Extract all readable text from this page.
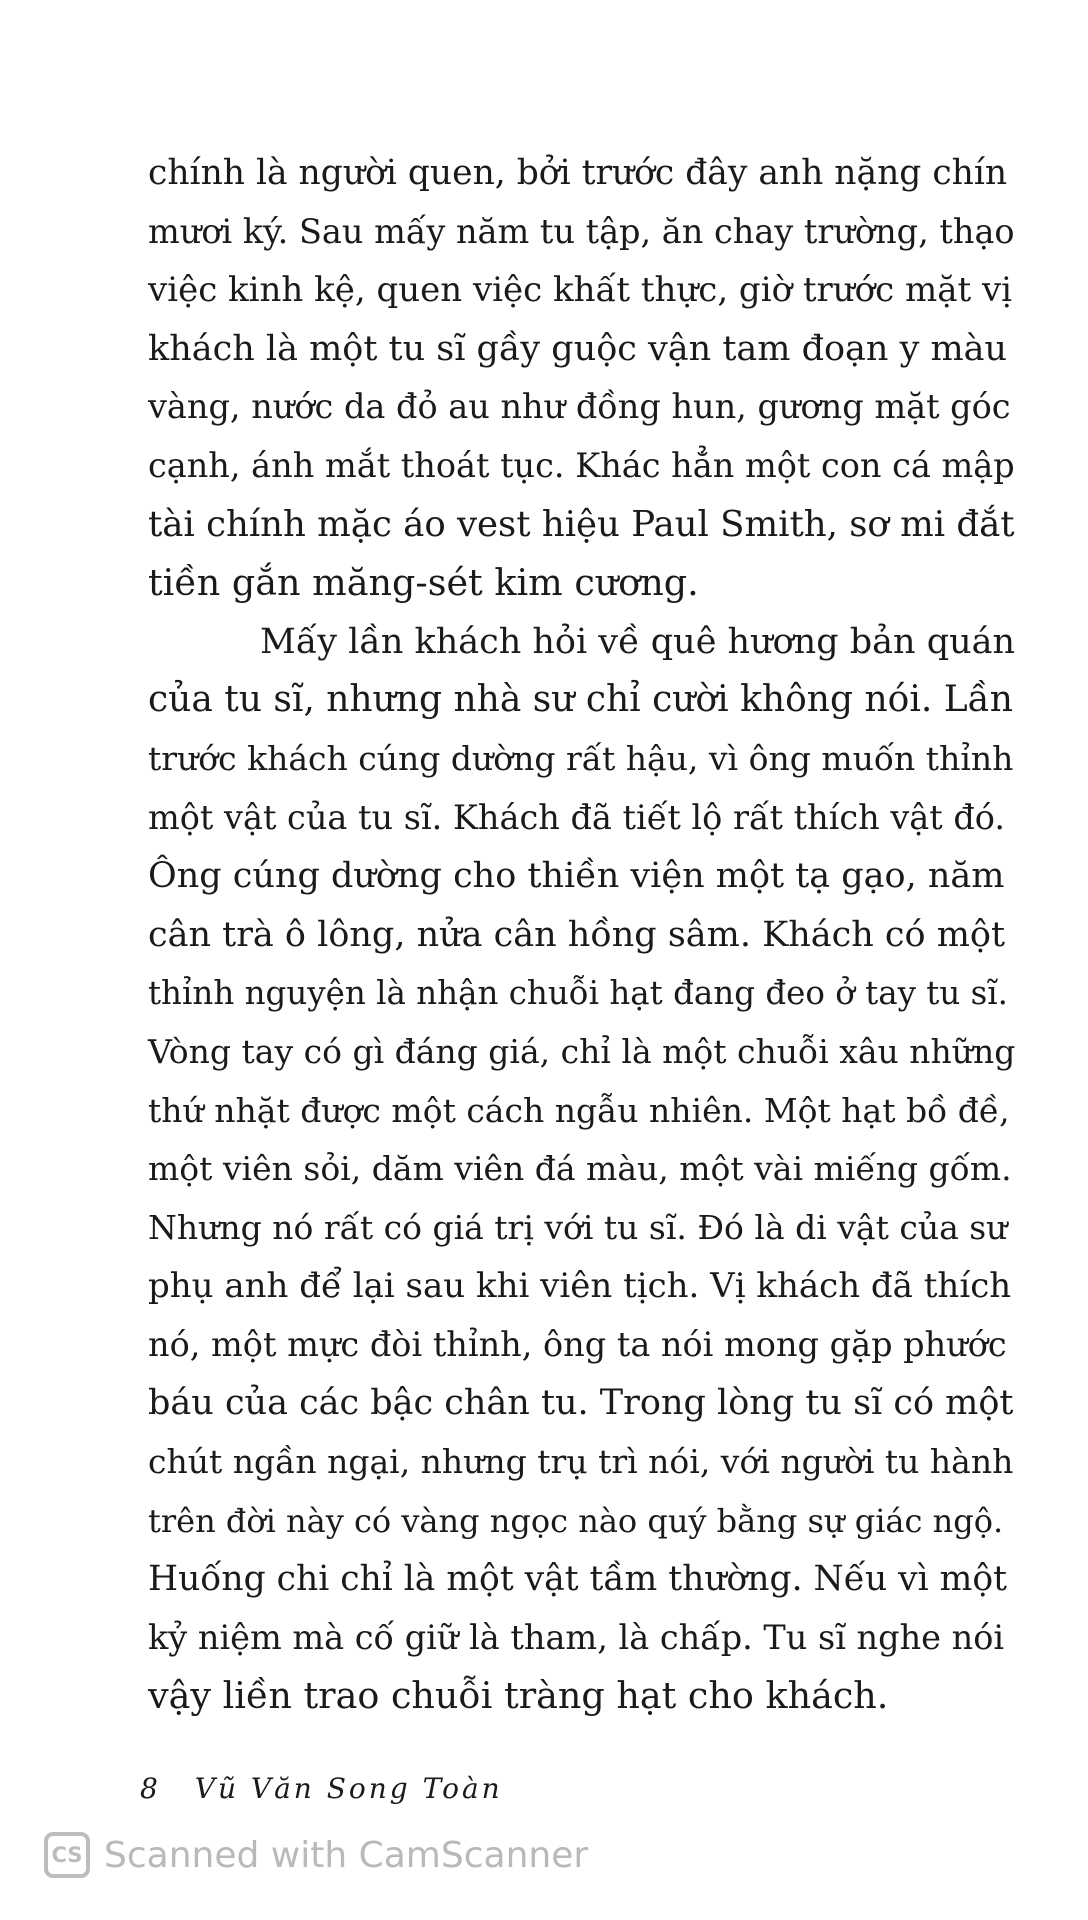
chính là người quen, bởi trước đây anh nặng chín
mươi ký. Sau mấy năm tu tập, ăn chay trường, thạo
việc kinh kệ, quen việc khất thực, giờ trước mặt vị
khách là một tu sĩ gầy guộc vận tam đoạn y màu
vàng, nước da đỏ au như đồng hun, gương mặt góc
cạnh, ánh mắt thoát tục. Khác hẳn một con cá mập
tài chính mặc áo vest hiệu Paul Smith, sơ mi đắt
tiền gắn măng-sét kim cương.
Mấy lần khách hỏi về quê hương bản quán
của tu sĩ, nhưng nhà sư chỉ cười không nói. Lần
trước khách cúng dường rất hậu, vì ông muốn thỉnh
một vật của tu sĩ. Khách đã tiết lộ rất thích vật đó.
Ông cúng dường cho thiền viện một tạ gạo, năm
cân trà ô lông, nửa cân hồng sâm. Khách có một
thỉnh nguyện là nhận chuỗi hạt đang đeo ở tay tu sĩ.
Vòng tay có gì đáng giá, chỉ là một chuỗi xâu những
thứ nhặt được một cách ngẫu nhiên. Một hạt bồ đề,
một viên sỏi, dăm viên đá màu, một vài miếng gốm.
Nhưng nó rất có giá trị với tu sĩ. Đó là di vật của sư
phụ anh để lại sau khi viên tịch. Vị khách đã thích
nó, một mực đòi thỉnh, ông ta nói mong gặp phước
báu của các bậc chân tu. Trong lòng tu sĩ có một
chút ngần ngại, nhưng trụ trì nói, với người tu hành
trên đời này có vàng ngọc nào quý bằng sự giác ngộ.
Huống chi chỉ là một vật tầm thường. Nếu vì một
kỷ niệm mà cố giữ là tham, là chấp. Tu sĩ nghe nói
vậy liền trao chuỗi tràng hạt cho khách.
8 Vũ Văn Song Toàn
CS Scanned with CamScanner
